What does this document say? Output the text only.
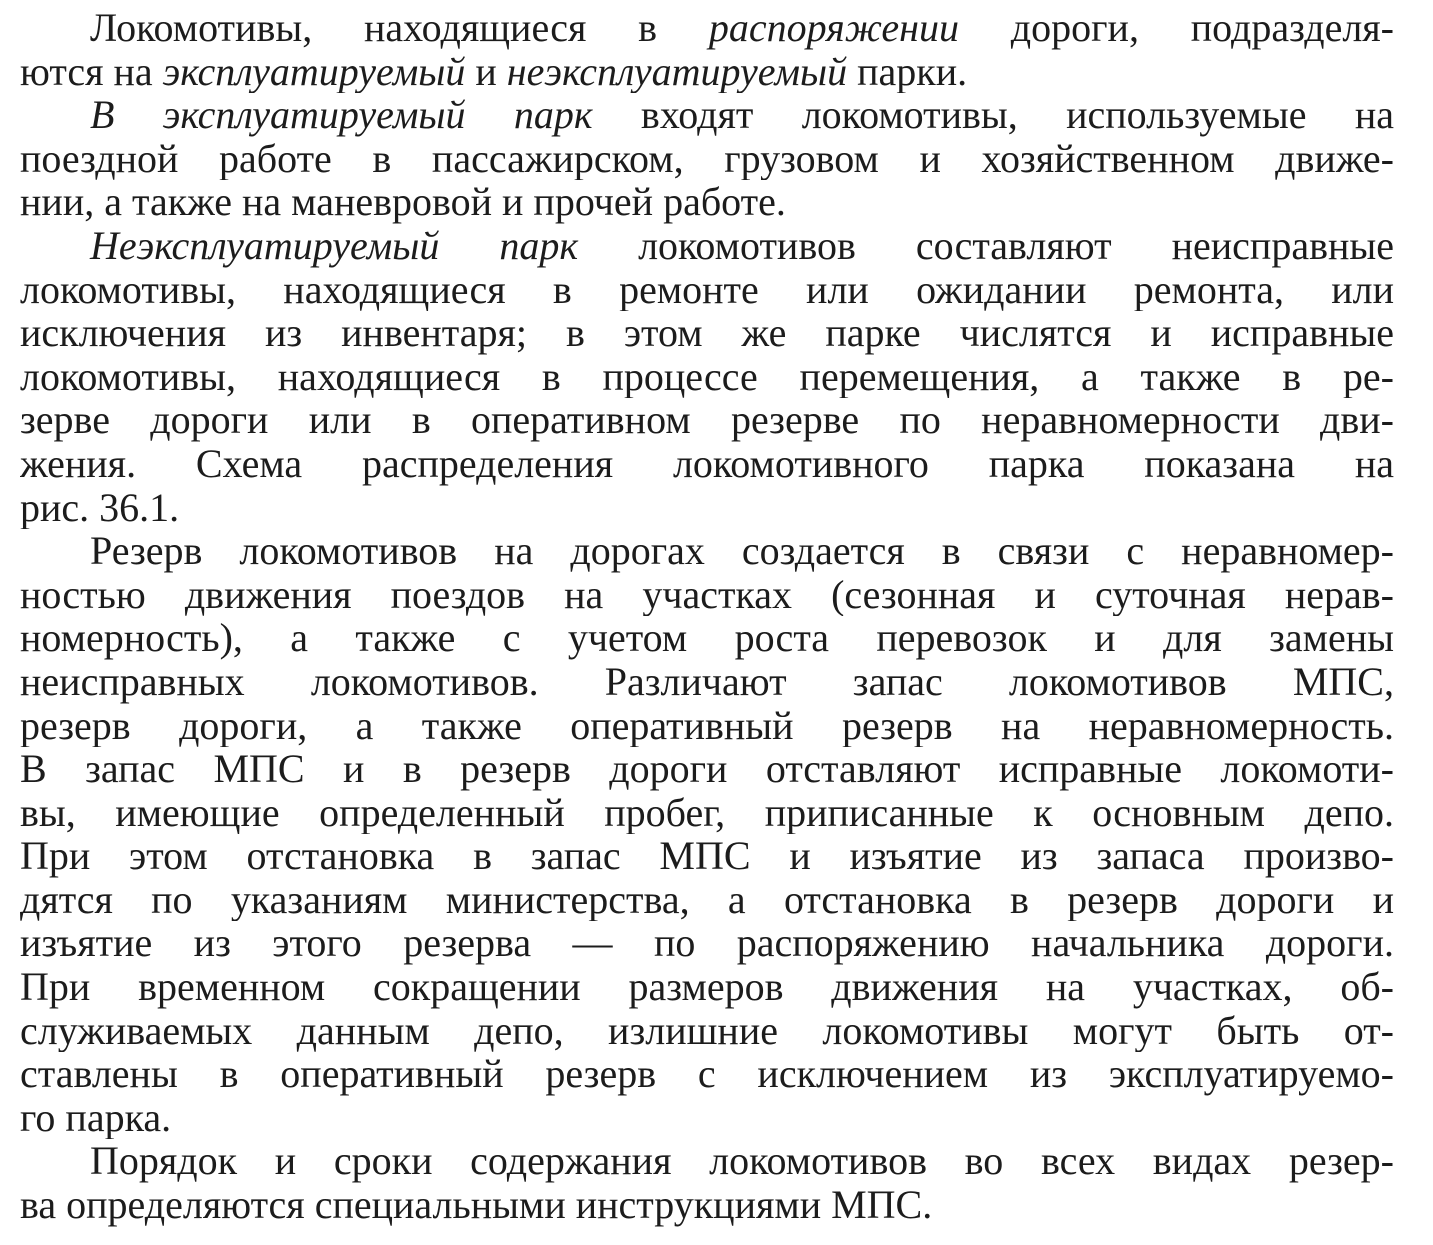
Локомотивы, находящиеся в распоряжении дороги, подразделя-
ются на эксплуатируемый и неэксплуатируемый парки.
В эксплуатируемый парк входят локомотивы, используемые на
поездной работе в пассажирском, грузовом и хозяйственном движе-
нии, а также на маневровой и прочей работе.
Неэксплуатируемый парк локомотивов составляют неисправные
локомотивы, находящиеся в ремонте или ожидании ремонта, или
исключения из инвентаря; в этом же парке числятся и исправные
локомотивы, находящиеся в процессе перемещения, а также в ре-
зерве дороги или в оперативном резерве по неравномерности дви-
жения. Схема распределения локомотивного парка показана на
рис. 36.1.
Резерв локомотивов на дорогах создается в связи с неравномер-
ностью движения поездов на участках (сезонная и суточная нерав-
номерность), а также с учетом роста перевозок и для замены
неисправных локомотивов. Различают запас локомотивов МПС,
резерв дороги, а также оперативный резерв на неравномерность.
В запас МПС и в резерв дороги отставляют исправные локомоти-
вы, имеющие определенный пробег, приписанные к основным депо.
При этом отстановка в запас МПС и изъятие из запаса произво-
дятся по указаниям министерства, а отстановка в резерв дороги и
изъятие из этого резерва — по распоряжению начальника дороги.
При временном сокращении размеров движения на участках, об-
служиваемых данным депо, излишние локомотивы могут быть от-
ставлены в оперативный резерв с исключением из эксплуатируемо-
го парка.
Порядок и сроки содержания локомотивов во всех видах резер-
ва определяются специальными инструкциями МПС.
